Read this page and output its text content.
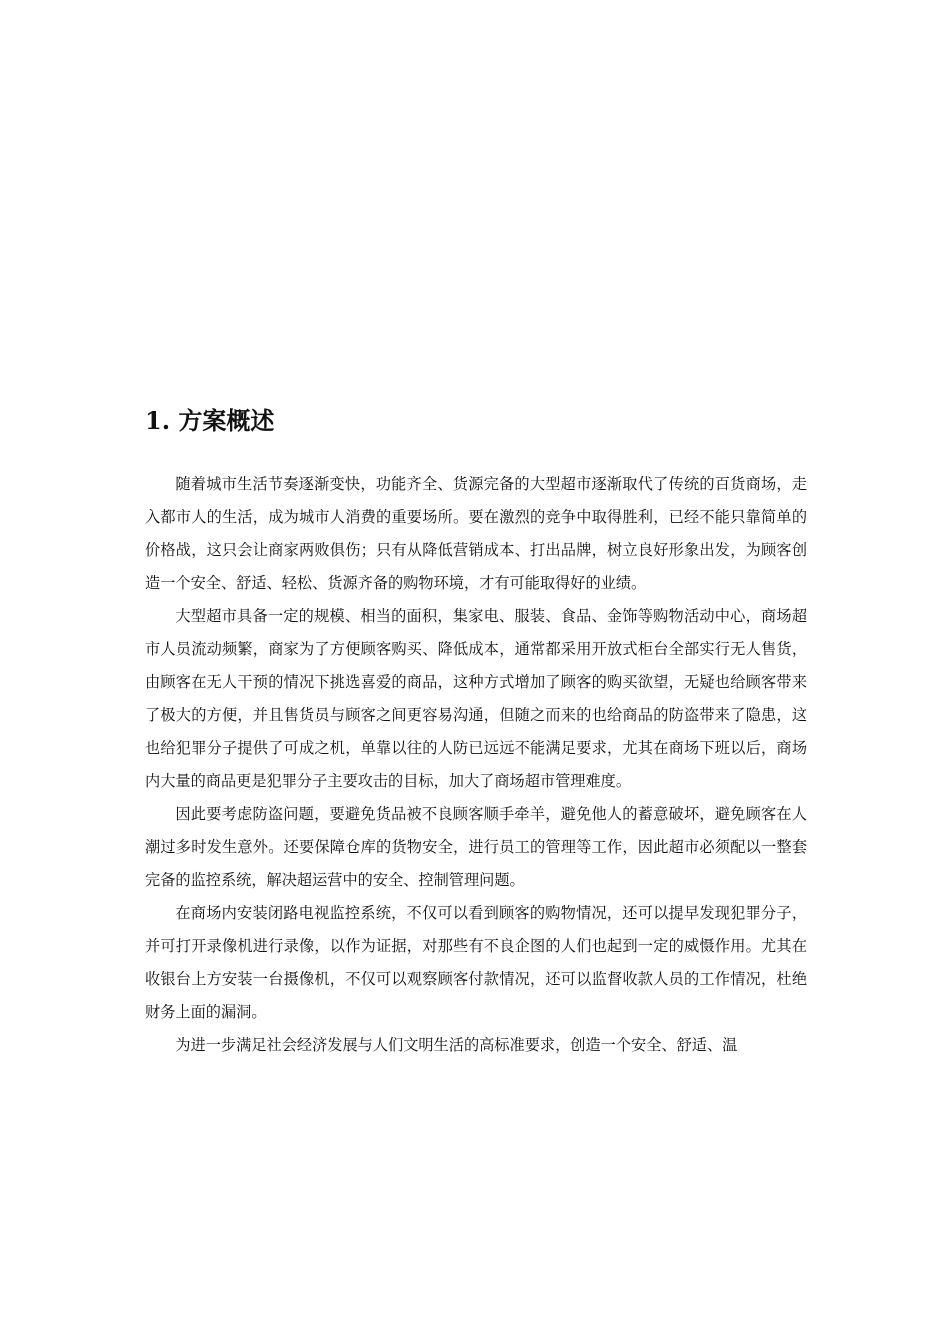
1. 方案概述

随着城市生活节奏逐渐变快，功能齐全、货源完备的大型超市逐渐取代了传统的百货商场，走入都市人的生活，成为城市人消费的重要场所。要在激烈的竞争中取得胜利，已经不能只靠简单的价格战，这只会让商家两败俱伤；只有从降低营销成本、打出品牌，树立良好形象出发，为顾客创造一个安全、舒适、轻松、货源齐备的购物环境，才有可能取得好的业绩。

大型超市具备一定的规模、相当的面积，集家电、服装、食品、金饰等购物活动中心，商场超市人员流动频繁，商家为了方便顾客购买、降低成本，通常都采用开放式柜台全部实行无人售货，由顾客在无人干预的情况下挑选喜爱的商品，这种方式增加了顾客的购买欲望，无疑也给顾客带来了极大的方便，并且售货员与顾客之间更容易沟通，但随之而来的也给商品的防盗带来了隐患，这也给犯罪分子提供了可成之机，单靠以往的人防已远远不能满足要求，尤其在商场下班以后，商场内大量的商品更是犯罪分子主要攻击的目标，加大了商场超市管理难度。

因此要考虑防盗问题，要避免货品被不良顾客顺手牵羊，避免他人的蓄意破坏，避免顾客在人潮过多时发生意外。还要保障仓库的货物安全，进行员工的管理等工作，因此超市必须配以一整套完备的监控系统，解决超运营中的安全、控制管理问题。

在商场内安装闭路电视监控系统，不仅可以看到顾客的购物情况，还可以提早发现犯罪分子，并可打开录像机进行录像，以作为证据，对那些有不良企图的人们也起到一定的威慑作用。尤其在收银台上方安装一台摄像机，不仅可以观察顾客付款情况，还可以监督收款人员的工作情况，杜绝财务上面的漏洞。

为进一步满足社会经济发展与人们文明生活的高标准要求，创造一个安全、舒适、温
